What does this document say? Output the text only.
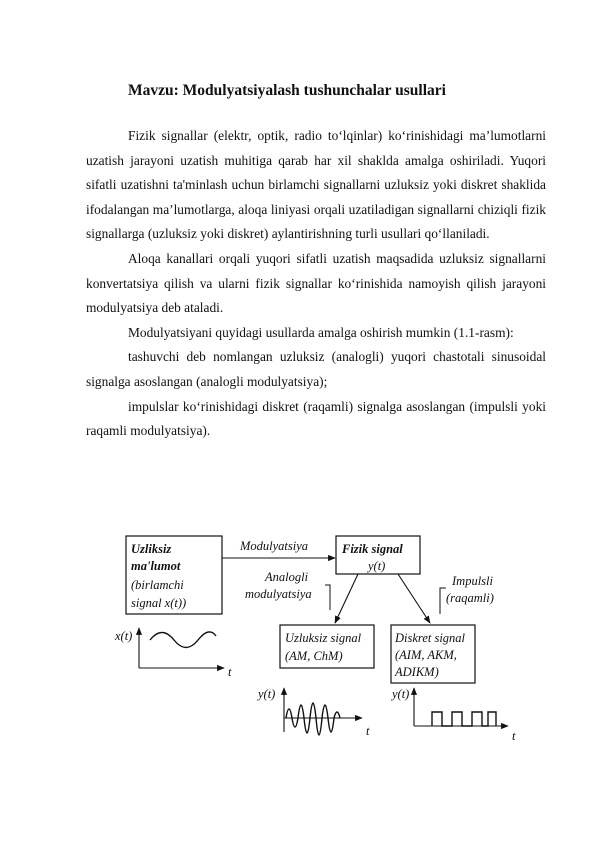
Mavzu: Modulyatsiyalash tushunchalar usullari

Fizik signallar (elektr, optik, radio toʻlqinlar) koʻrinishidagi maʼlumotlarni uzatish jarayoni uzatish muhitiga qarab har xil shaklda amalga oshiriladi. Yuqori sifatli uzatishni ta'minlash uchun birlamchi signallarni uzluksiz yoki diskret shaklida ifodalangan maʼlumotlarga, aloqa liniyasi orqali uzatiladigan signallarni chiziqli fizik signallarga (uzluksiz yoki diskret) aylantirishning turli usullari qoʻllaniladi.

Aloqa kanallari orqali yuqori sifatli uzatish maqsadida uzluksiz signallarni konvertatsiya qilish va ularni fizik signallar koʻrinishida namoyish qilish jarayoni modulyatsiya deb ataladi.

Modulyatsiyani quyidagi usullarda amalga oshirish mumkin (1.1-rasm):

tashuvchi deb nomlangan uzluksiz (analogli) yuqori chastotali sinusoidal signalga asoslangan (analogli modulyatsiya);

impulslar koʻrinishidagi diskret (raqamli) signalga asoslangan (impulsli yoki raqamli modulyatsiya).

Uzliksiz
ma'lumot
(birlamchi
signal x(t))
Modulyatsiya	Fizik signal
y(t)
Analogli
modulyatsiya
Impulsli
(raqamli)
Uzluksiz signal
(AM, ChM)
Diskret signal
(AIM, AKM,
ADIKM)
x(t)
t
y(t)
t
y(t)
t
